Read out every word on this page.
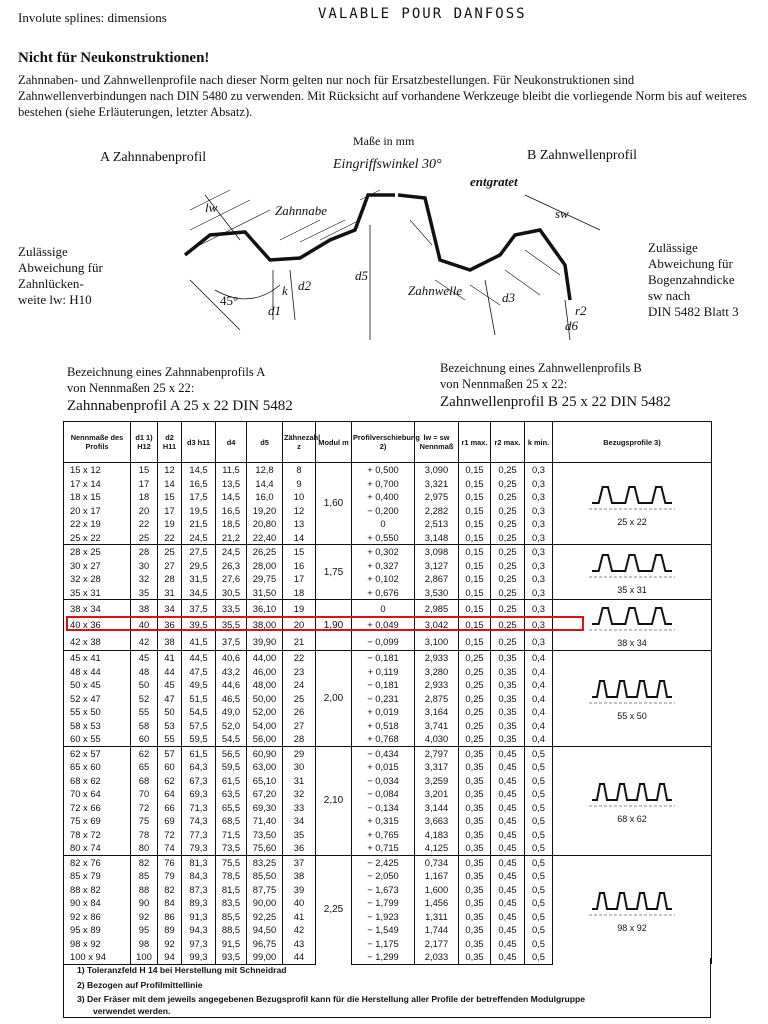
Involute splines: dimensions	VALABLE POUR DANFOSS
Nicht für Neukonstruktionen!
Zahnnaben- und Zahnwellenprofile nach dieser Norm gelten nur noch für Ersatzbestellungen. Für Neukonstruktionen sind Zahnwellenverbindungen nach DIN 5480 zu verwenden. Mit Rücksicht auf vorhandene Werkzeuge bleibt die vorliegende Norm bis auf weiteres bestehen (siehe Erläuterungen, letzter Absatz).
A Zahnnabenprofil	B Zahnwellenprofil
Maße in mm
Eingriffswinkel 30°
Zulässige
Abweichung für
Zahnlücken-
weite lw: H10
Zulässige
Abweichung für
Bogenzahndicke
sw nach
DIN 5482 Blatt 3
Zahnnabe
Zahnwelle
entgratet
45°
lw	sw
k
d1
d2
d3
d5
d6
r2
Bezeichnung eines Zahnnabenprofils A
von Nennmaßen 25 x 22:
Zahnnabenprofil A 25 x 22 DIN 5482
Bezeichnung eines Zahnwellenprofils B
von Nennmaßen 25 x 22:
Zahnwellenprofil B 25 x 22 DIN 5482
Nennmaße des Profils	d1 1) H12	d2 H11	d3 h11	d4	d5	Zähnezahl z	Modul m	Profilverschiebung 2)	lw = sw Nennmaß	r1 max.	r2 max.	k min.	Bezugsprofile 3)
15 x 12	15	12	14,5	11,5	12,8	8	1,60	+ 0,500	3,090	0,15	0,25	0,3	25 x 22

17 x 14	17	14	16,5	13,5	14,4	9		+ 0,700	3,321	0,15	0,25	0,3	
18 x 15	18	15	17,5	14,5	16,0	10		+ 0,400	2,975	0,15	0,25	0,3	
20 x 17	20	17	19,5	16,5	19,20	12		− 0,200	2,282	0,15	0,25	0,3	
22 x 19	22	19	21,5	18,5	20,80	13		0	2,513	0,15	0,25	0,3	
25 x 22	25	22	24,5	21,2	22,40	14		+ 0,550	3,148	0,15	0,25	0,3	
28 x 25	28	25	27,5	24,5	26,25	15	1,75	+ 0,302	3,098	0,15	0,25	0,3	35 x 31

30 x 27	30	27	29,5	26,3	28,00	16		+ 0,327	3,127	0,15	0,25	0,3	
32 x 28	32	28	31,5	27,6	29,75	17		+ 0,102	2,867	0,15	0,25	0,3	
35 x 31	35	31	34,5	30,5	31,50	18		+ 0,676	3,530	0,15	0,25	0,3	
38 x 34	38	34	37,5	33,5	36,10	19	1,90	0	2,985	0,15	0,25	0,3	38 x 34

40 x 36	40	36	39,5	35,5	38,00	20		+ 0,049	3,042	0,15	0,25	0,3	
42 x 38	42	38	41,5	37,5	39,90	21		− 0,099	3,100	0,15	0,25	0,3	
45 x 41	45	41	44,5	40,6	44,00	22	2,00	− 0,181	2,933	0,25	0,35	0,4	55 x 50

48 x 44	48	44	47,5	43,2	46,00	23		+ 0,119	3,280	0,25	0,35	0,4	
50 x 45	50	45	49,5	44,6	48,00	24		− 0,181	2,933	0,25	0,35	0,4	
52 x 47	52	47	51,5	46,5	50,00	25		− 0,231	2,875	0,25	0,35	0,4	
55 x 50	55	50	54,5	49,0	52,00	26		+ 0,019	3,164	0,25	0,35	0,4	
58 x 53	58	53	57,5	52,0	54,00	27		+ 0,518	3,741	0,25	0,35	0,4	
60 x 55	60	55	59,5	54,5	56,00	28		+ 0,768	4,030	0,25	0,35	0,4	
62 x 57	62	57	61,5	56,5	60,90	29	2,10	− 0,434	2,797	0,35	0,45	0,5	68 x 62

65 x 60	65	60	64,3	59,5	63,00	30		+ 0,015	3,317	0,35	0,45	0,5	
68 x 62	68	62	67,3	61,5	65,10	31		− 0,034	3,259	0,35	0,45	0,5	
70 x 64	70	64	69,3	63,5	67,20	32		− 0,084	3,201	0,35	0,45	0,5	
72 x 66	72	66	71,3	65,5	69,30	33		− 0,134	3,144	0,35	0,45	0,5	
75 x 69	75	69	74,3	68,5	71,40	34		+ 0,315	3,663	0,35	0,45	0,5	
78 x 72	78	72	77,3	71,5	73,50	35		+ 0,765	4,183	0,35	0,45	0,5	
80 x 74	80	74	79,3	73,5	75,60	36		+ 0,715	4,125	0,35	0,45	0,5	
82 x 76	82	76	81,3	75,5	83,25	37	2,25	− 2,425	0,734	0,35	0,45	0,5	98 x 92

85 x 79	85	79	84,3	78,5	85,50	38		− 2,050	1,167	0,35	0,45	0,5	
88 x 82	88	82	87,3	81,5	87,75	39		− 1,673	1,600	0,35	0,45	0,5	
90 x 84	90	84	89,3	83,5	90,00	40		− 1,799	1,456	0,35	0,45	0,5	
92 x 86	92	86	91,3	85,5	92,25	41		− 1,923	1,311	0,35	0,45	0,5	
95 x 89	95	89	94,3	88,5	94,50	42		− 1,549	1,744	0,35	0,45	0,5	
98 x 92	98	92	97,3	91,5	96,75	43		− 1,175	2,177	0,35	0,45	0,5	
100 x 94	100	94	99,3	93,5	99,00	44		− 1,299	2,033	0,35	0,45	0,5	
1) Toleranzfeld H 14 bei Herstellung mit Schneidrad
2) Bezogen auf Profilmittellinie
3) Der Fräser mit dem jeweils angegebenen Bezugsprofil kann für die Herstellung aller Profile der betreffenden Modulgruppe
verwendet werden.
